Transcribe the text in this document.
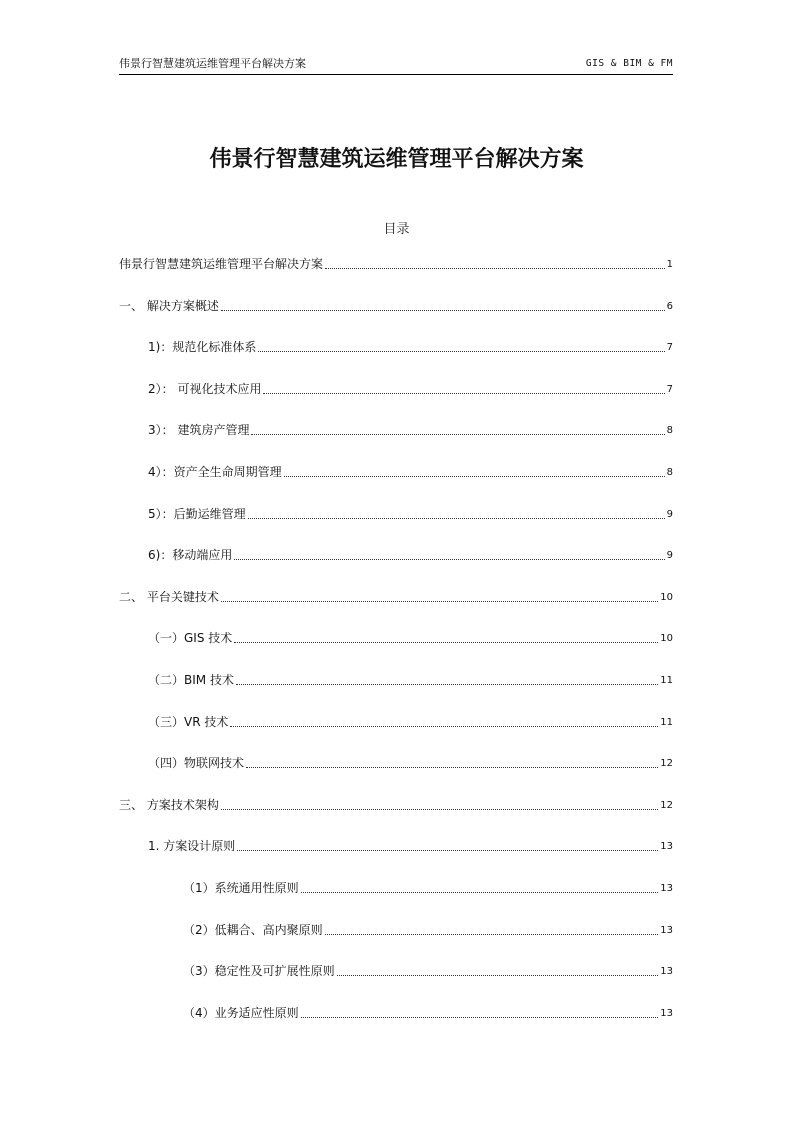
伟景行智慧建筑运维管理平台解决方案	GIS & BIM & FM
伟景行智慧建筑运维管理平台解决方案
目录
伟景行智慧建筑运维管理平台解决方案	1
一、 解决方案概述	6
1)：规范化标准体系	7
2）： 可视化技术应用	7
3）： 建筑房产管理	8
4）：资产全生命周期管理	8
5）：后勤运维管理	9
6)：移动端应用	9
二、 平台关键技术	10
（一）GIS 技术	10
（二）BIM 技术	11
（三）VR 技术	11
（四）物联网技术	12
三、 方案技术架构	12
1. 方案设计原则	13
（1）系统通用性原则	13
（2）低耦合、高内聚原则	13
（3）稳定性及可扩展性原则	13
（4）业务适应性原则	13
